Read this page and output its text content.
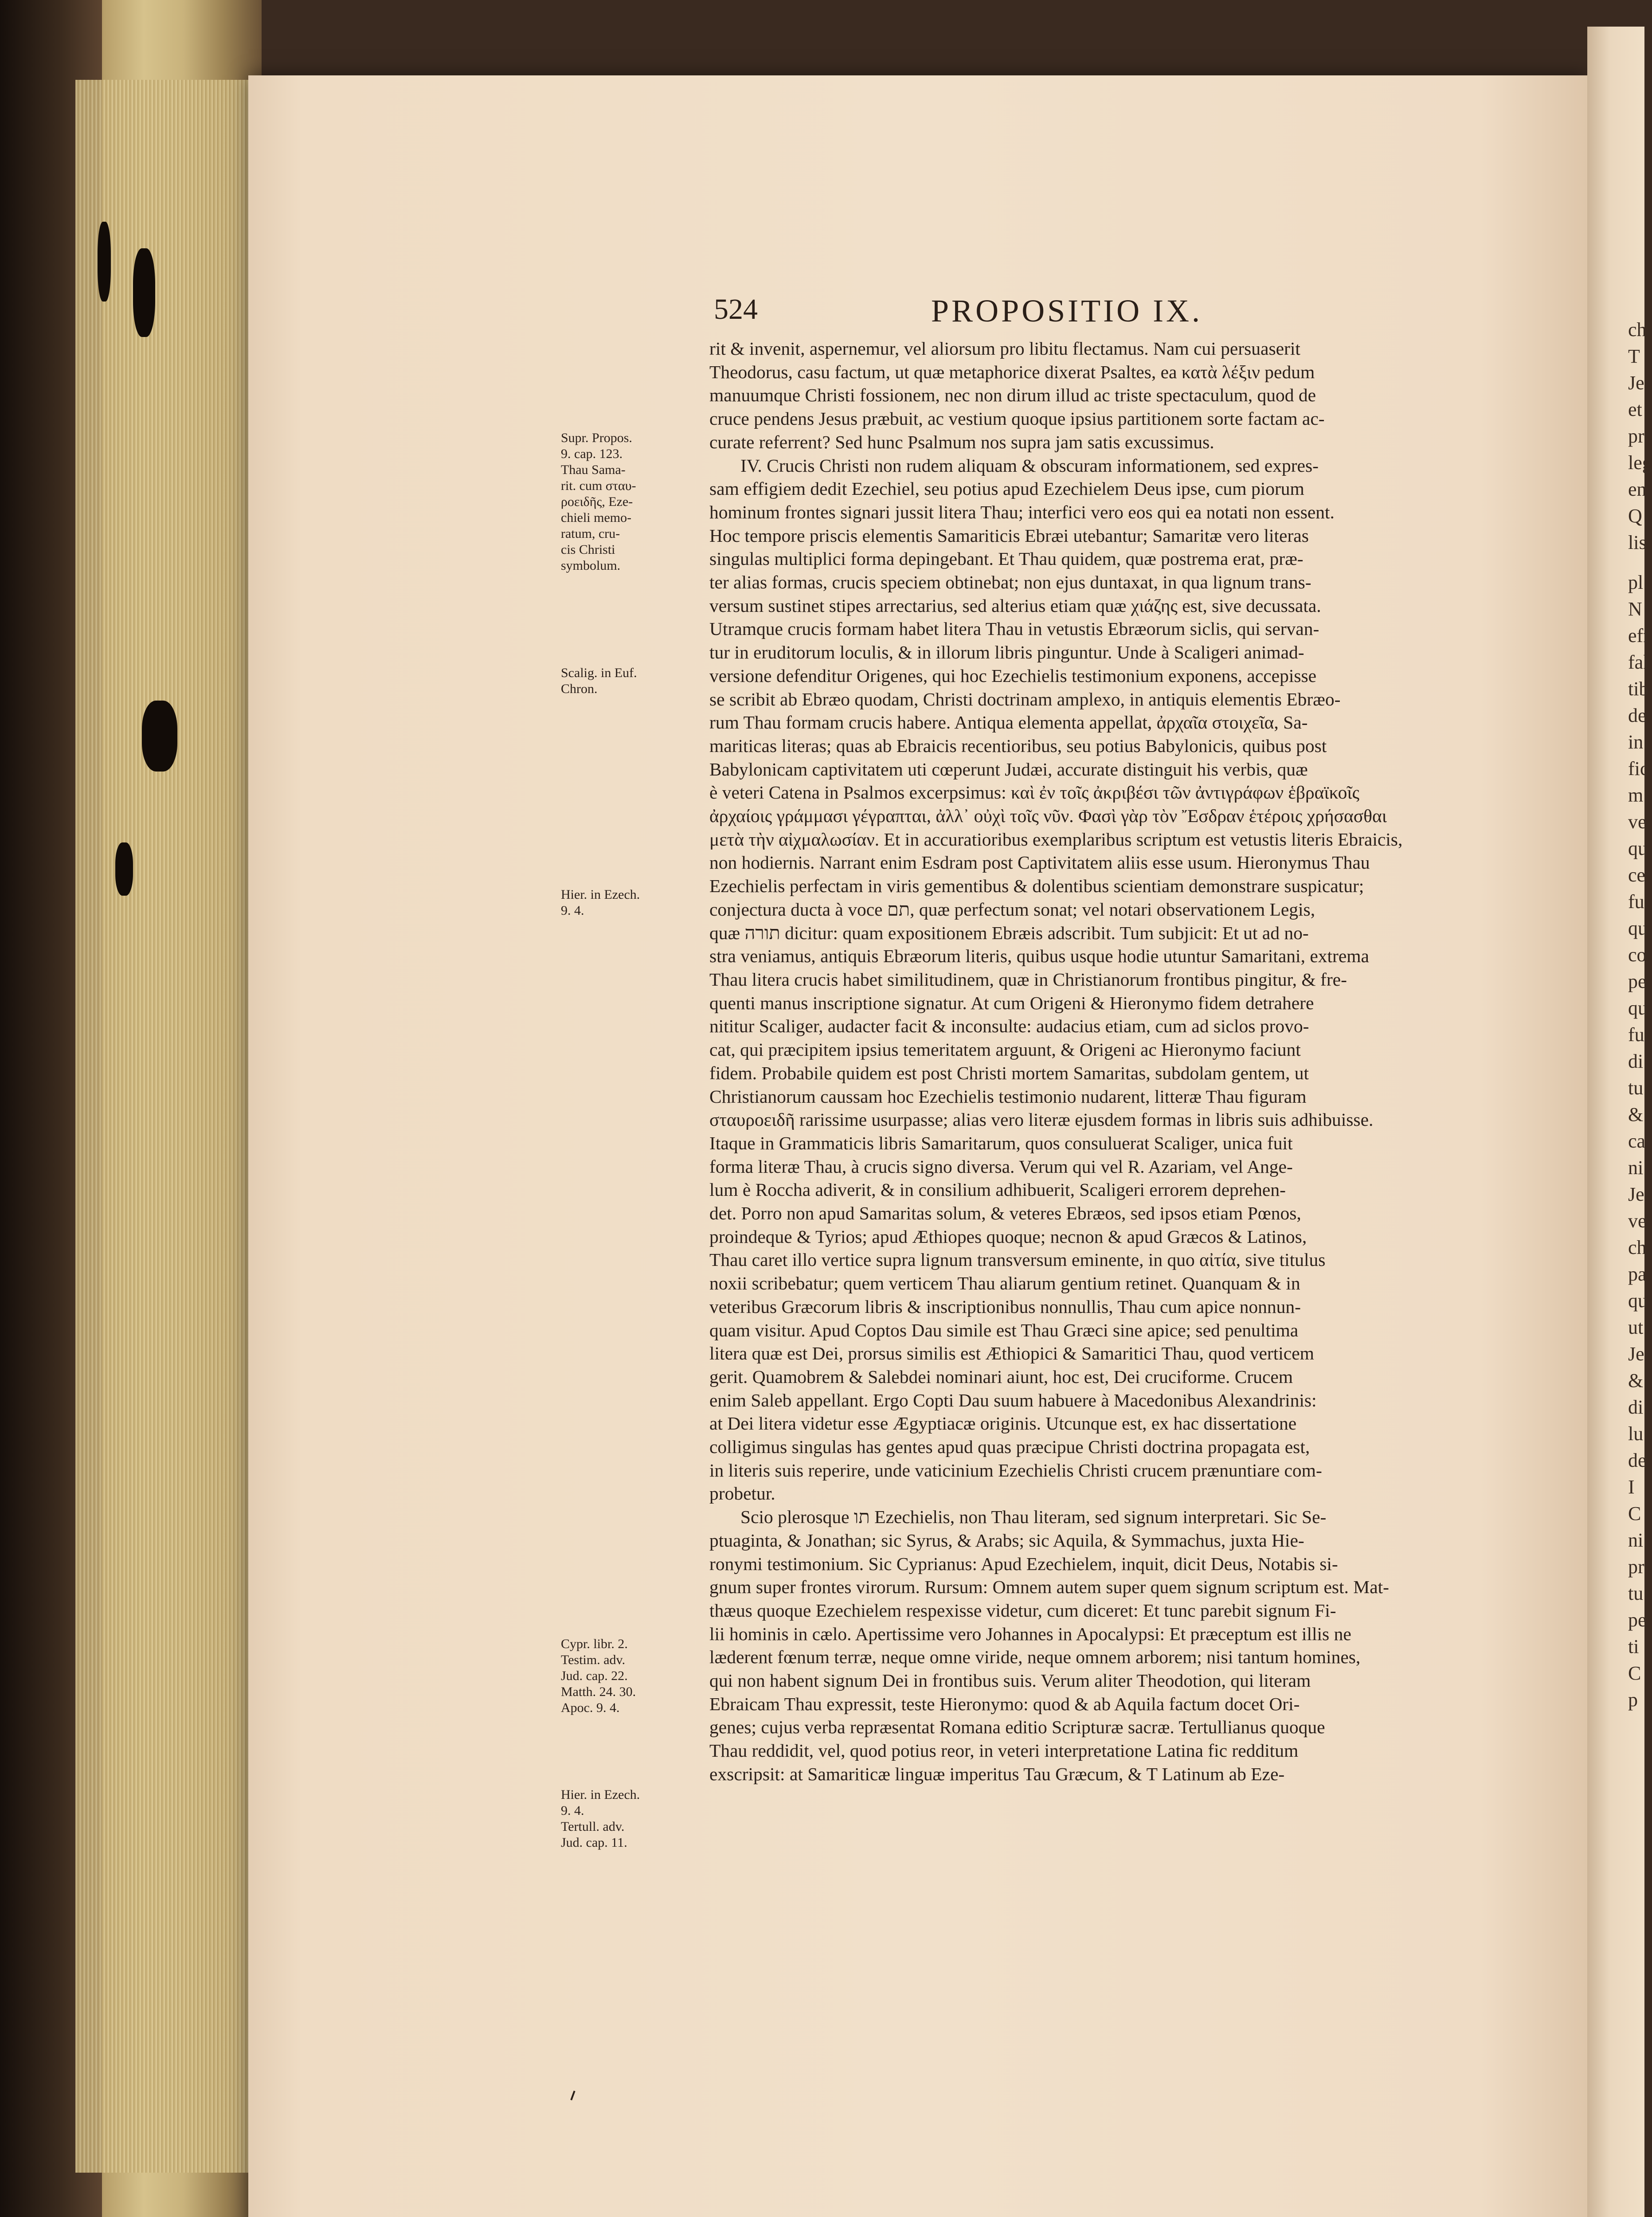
ch
T
Je
et
pr
leg
en
Q
lis
pl
N
eff
fal
tib
de
in
fic
m
ve
qu
ce
fu
qu
co
pe
qu
fu
di
tu
&
ca
ni
Je
ve
ch
pa
qu
ut
Je
&
di
lu
de
I
C
ni
pr
tu
pe
ti
C
p
524	PROPOSITIO IX.
rit & invenit, aspernemur, vel aliorsum pro libitu flectamus. Nam cui persuaserit
Theodorus, casu factum, ut quæ metaphorice dixerat Psaltes, ea κατὰ λέξιν pedum
manuumque Christi fossionem, nec non dirum illud ac triste spectaculum, quod de
cruce pendens Jesus præbuit, ac vestium quoque ipsius partitionem sorte factam ac-
curate referrent? Sed hunc Psalmum nos supra jam satis excussimus.
IV. Crucis Christi non rudem aliquam & obscuram informationem, sed expres-
sam effigiem dedit Ezechiel, seu potius apud Ezechielem Deus ipse, cum piorum
hominum frontes signari jussit litera Thau; interfici vero eos qui ea notati non essent.
Hoc tempore priscis elementis Samariticis Ebræi utebantur; Samaritæ vero literas
singulas multiplici forma depingebant. Et Thau quidem, quæ postrema erat, præ-
ter alias formas, crucis speciem obtinebat; non ejus duntaxat, in qua lignum trans-
versum sustinet stipes arrectarius, sed alterius etiam quæ χιάζης est, sive decussata.
Utramque crucis formam habet litera Thau in vetustis Ebræorum siclis, qui servan-
tur in eruditorum loculis, & in illorum libris pinguntur. Unde à Scaligeri animad-
versione defenditur Origenes, qui hoc Ezechielis testimonium exponens, accepisse
se scribit ab Ebræo quodam, Christi doctrinam amplexo, in antiquis elementis Ebræo-
rum Thau formam crucis habere. Antiqua elementa appellat, ἀρχαῖα στοιχεῖα, Sa-
mariticas literas; quas ab Ebraicis recentioribus, seu potius Babylonicis, quibus post
Babylonicam captivitatem uti cœperunt Judæi, accurate distinguit his verbis, quæ
è veteri Catena in Psalmos excerpsimus: καὶ ἐν τοῖς ἀκριβέσι τῶν ἀντιγράφων ἑβραϊκοῖς
ἀρχαίοις γράμμασι γέγραπται, ἀλλ᾽ οὐχὶ τοῖς νῦν. Φασὶ γὰρ τὸν Ἔσδραν ἑτέροις χρήσασθαι
μετὰ τὴν αἰχμαλωσίαν. Et in accuratioribus exemplaribus scriptum est vetustis literis Ebraicis,
non hodiernis. Narrant enim Esdram post Captivitatem aliis esse usum. Hieronymus Thau
Ezechielis perfectam in viris gementibus & dolentibus scientiam demonstrare suspicatur;
conjectura ducta à voce תם, quæ perfectum sonat; vel notari observationem Legis,
quæ תורה dicitur: quam expositionem Ebræis adscribit. Tum subjicit: Et ut ad no-
stra veniamus, antiquis Ebræorum literis, quibus usque hodie utuntur Samaritani, extrema
Thau litera crucis habet similitudinem, quæ in Christianorum frontibus pingitur, & fre-
quenti manus inscriptione signatur. At cum Origeni & Hieronymo fidem detrahere
nititur Scaliger, audacter facit & inconsulte: audacius etiam, cum ad siclos provo-
cat, qui præcipitem ipsius temeritatem arguunt, & Origeni ac Hieronymo faciunt
fidem. Probabile quidem est post Christi mortem Samaritas, subdolam gentem, ut
Christianorum caussam hoc Ezechielis testimonio nudarent, litteræ Thau figuram
σταυροειδῆ rarissime usurpasse; alias vero literæ ejusdem formas in libris suis adhibuisse.
Itaque in Grammaticis libris Samaritarum, quos consuluerat Scaliger, unica fuit
forma literæ Thau, à crucis signo diversa. Verum qui vel R. Azariam, vel Ange-
lum è Roccha adiverit, & in consilium adhibuerit, Scaligeri errorem deprehen-
det. Porro non apud Samaritas solum, & veteres Ebræos, sed ipsos etiam Pœnos,
proindeque & Tyrios; apud Æthiopes quoque; necnon & apud Græcos & Latinos,
Thau caret illo vertice supra lignum transversum eminente, in quo αἰτία, sive titulus
noxii scribebatur; quem verticem Thau aliarum gentium retinet. Quanquam & in
veteribus Græcorum libris & inscriptionibus nonnullis, Thau cum apice nonnun-
quam visitur. Apud Coptos Dau simile est Thau Græci sine apice; sed penultima
litera quæ est Dei, prorsus similis est Æthiopici & Samaritici Thau, quod verticem
gerit. Quamobrem & Salebdei nominari aiunt, hoc est, Dei cruciforme. Crucem
enim Saleb appellant. Ergo Copti Dau suum habuere à Macedonibus Alexandrinis:
at Dei litera videtur esse Ægyptiacæ originis. Utcunque est, ex hac dissertatione
colligimus singulas has gentes apud quas præcipue Christi doctrina propagata est,
in literis suis reperire, unde vaticinium Ezechielis Christi crucem prænuntiare com-
probetur.
Scio plerosque תו Ezechielis, non Thau literam, sed signum interpretari. Sic Se-
ptuaginta, & Jonathan; sic Syrus, & Arabs; sic Aquila, & Symmachus, juxta Hie-
ronymi testimonium. Sic Cyprianus: Apud Ezechielem, inquit, dicit Deus, Notabis si-
gnum super frontes virorum. Rursum: Omnem autem super quem signum scriptum est. Mat-
thæus quoque Ezechielem respexisse videtur, cum diceret: Et tunc parebit signum Fi-
lii hominis in cælo. Apertissime vero Johannes in Apocalypsi: Et præceptum est illis ne
læderent fœnum terræ, neque omne viride, neque omnem arborem; nisi tantum homines,
qui non habent signum Dei in frontibus suis. Verum aliter Theodotion, qui literam
Ebraicam Thau expressit, teste Hieronymo: quod & ab Aquila factum docet Ori-
genes; cujus verba repræsentat Romana editio Scripturæ sacræ. Tertullianus quoque
Thau reddidit, vel, quod potius reor, in veteri interpretatione Latina fic redditum
exscripsit: at Samariticæ linguæ imperitus Tau Græcum, & T Latinum ab Eze-
Supr. Propos.
9. cap. 123.
Thau Sama-
rit. cum σταυ-
ροειδῆς, Eze-
chieli memo-
ratum, cru-
cis Christi
symbolum.
Scalig. in Euf.
Chron.
Hier. in Ezech.
9. 4.
Cypr. libr. 2.
Testim. adv.
Jud. cap. 22.
Matth. 24. 30.
Apoc. 9. 4.
Hier. in Ezech.
9. 4.
Tertull. adv.
Jud. cap. 11.
